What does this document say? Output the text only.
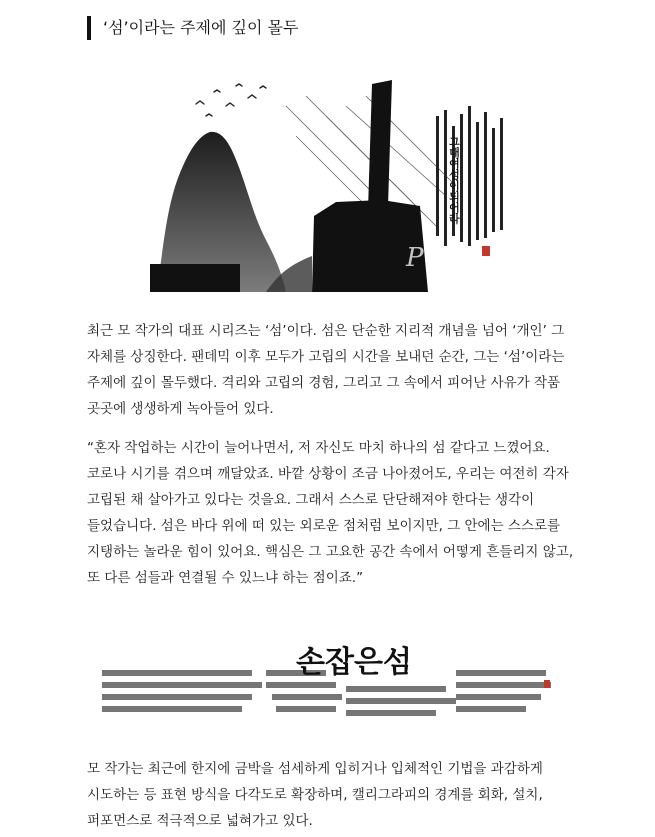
‘섬’이라는 주제에 깊이 몰두
그대여섬이되어라
P ᄑ

최근 모 작가의 대표 시리즈는 ‘섬’이다. 섬은 단순한 지리적 개념을 넘어 ‘개인’ 그 자체를 상징한다. 팬데믹 이후 모두가 고립의 시간을 보내던 순간, 그는 ‘섬’이라는 주제에 깊이 몰두했다. 격리와 고립의 경험, 그리고 그 속에서 피어난 사유가 작품 곳곳에 생생하게 녹아들어 있다.

“혼자 작업하는 시간이 늘어나면서, 저 자신도 마치 하나의 섬 같다고 느꼈어요. 코로나 시기를 겪으며 깨달았죠. 바깥 상황이 조금 나아졌어도, 우리는 여전히 각자 고립된 채 살아가고 있다는 것을요. 그래서 스스로 단단해져야 한다는 생각이 들었습니다. 섬은 바다 위에 떠 있는 외로운 점처럼 보이지만, 그 안에는 스스로를 지탱하는 놀라운 힘이 있어요. 핵심은 그 고요한 공간 속에서 어떻게 흔들리지 않고, 또 다른 섬들과 연결될 수 있느냐 하는 점이죠.”

손잡은섬

모 작가는 최근에 한지에 금박을 섬세하게 입히거나 입체적인 기법을 과감하게 시도하는 등 표현 방식을 다각도로 확장하며, 캘리그라피의 경계를 회화, 설치, 퍼포먼스로 적극적으로 넓혀가고 있다.
